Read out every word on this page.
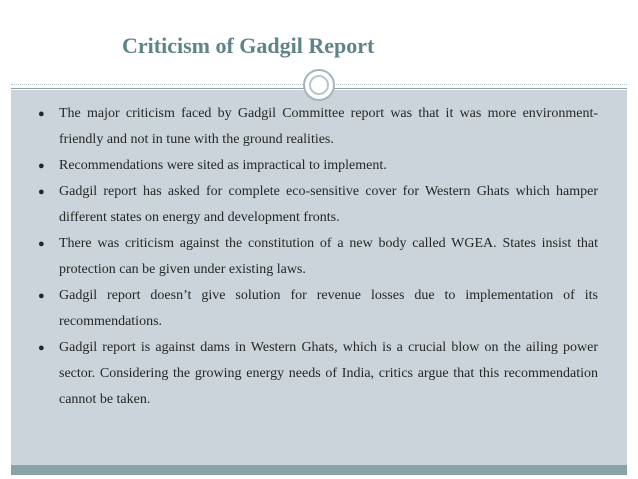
Criticism of Gadgil Report
● The major criticism faced by Gadgil Committee report was that it was more environment-friendly and not in tune with the ground realities.
● Recommendations were sited as impractical to implement.
● Gadgil report has asked for complete eco-sensitive cover for Western Ghats which hamper different states on energy and development fronts.
● There was criticism against the constitution of a new body called WGEA. States insist that protection can be given under existing laws.
● Gadgil report doesn’t give solution for revenue losses due to implementation of its recommendations.
● Gadgil report is against dams in Western Ghats, which is a crucial blow on the ailing power sector. Considering the growing energy needs of India, critics argue that this recommendation cannot be taken.
